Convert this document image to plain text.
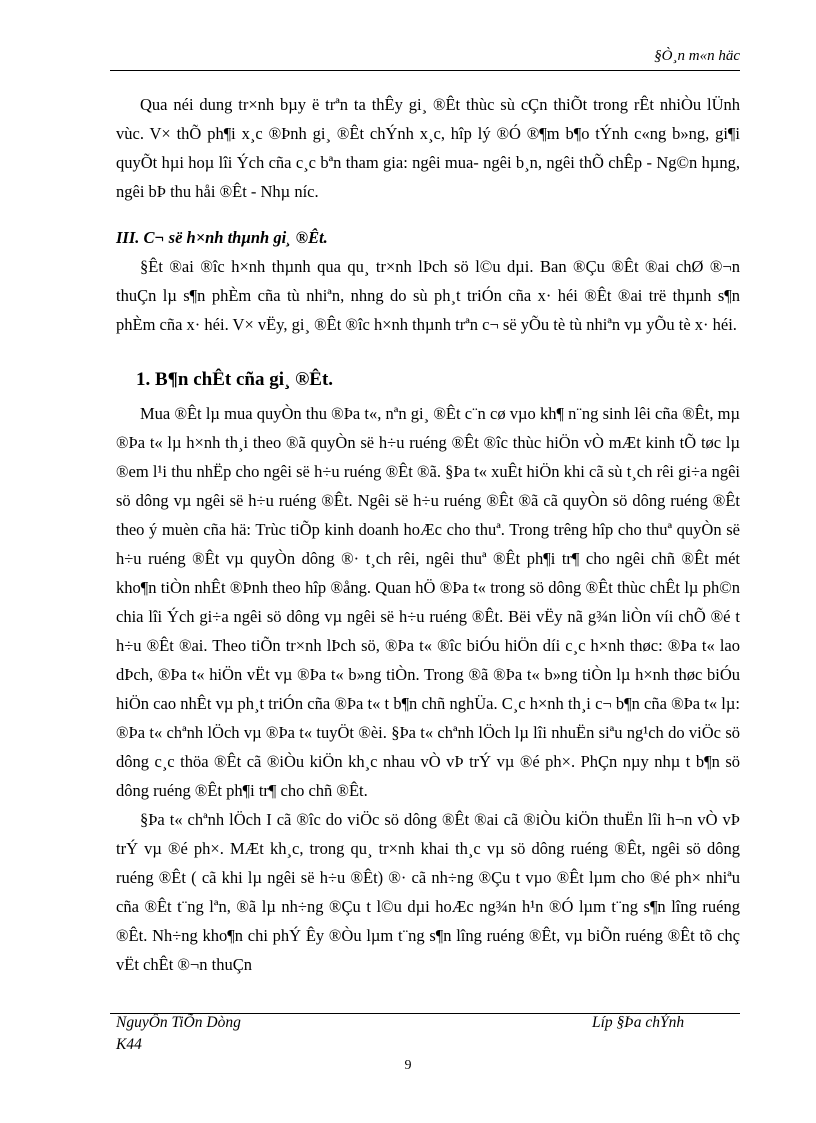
§Ò¸n m«n häc

Qua néi dung tr×nh bµy ë trªn ta thÊy gi¸ ®Êt thùc sù cÇn thiÕt trong rÊt nhiÒu lÜnh vùc. V× thÕ ph¶i x¸c ®Þnh gi¸ ®Êt chÝnh x¸c, hîp lý ®Ó ®¶m b¶o tÝnh c«ng b»ng, gi¶i quyÕt hµi hoµ lîi Ých cña c¸c bªn tham gia: ngêi mua- ngêi b¸n, ngêi thÕ chÊp - Ng©n hµng, ngêi bÞ thu håi ®Êt - Nhµ níc.

III. C¬ së h×nh thµnh gi¸ ®Êt.

§Êt ®ai ®îc h×nh thµnh qua qu¸ tr×nh lÞch sö l©u dµi. Ban ®Çu ®Êt ®ai chØ ®¬n thuÇn lµ s¶n phÈm cña tù nhiªn, nhng do sù ph¸t triÓn cña x· héi ®Êt ®ai trë thµnh s¶n phÈm cña x· héi. V× vËy, gi¸ ®Êt ®îc h×nh thµnh trªn c¬ së yÕu tè tù nhiªn vµ yÕu tè x· héi.

1. B¶n chÊt cña gi¸ ®Êt.

Mua ®Êt lµ mua quyÒn thu ®Þa t«, nªn gi¸ ®Êt c¨n cø vµo kh¶ n¨ng sinh lêi cña ®Êt, mµ ®Þa t« lµ h×nh th¸i theo ®ã quyÒn së h÷u ruéng ®Êt ®îc thùc hiÖn vÒ mÆt kinh tÕ tøc lµ ®em l¹i thu nhËp cho ngêi së h÷u ruéng ®Êt ®ã. §Þa t« xuÊt hiÖn khi cã sù t¸ch rêi gi÷a ngêi sö dông vµ ngêi së h÷u ruéng ®Êt. Ngêi së h÷u ruéng ®Êt ®ã cã quyÒn sö dông ruéng ®Êt theo ý muèn cña hä: Trùc tiÕp kinh doanh hoÆc cho thuª. Trong trêng hîp cho thuª quyÒn së h÷u ruéng ®Êt vµ quyÒn dông ®· t¸ch rêi, ngêi thuª ®Êt ph¶i tr¶ cho ngêi chñ ®Êt mét kho¶n tiÒn nhÊt ®Þnh theo hîp ®ång. Quan hÖ ®Þa t« trong sö dông ®Êt thùc chÊt lµ ph©n chia lîi Ých gi÷a ngêi sö dông vµ ngêi së h÷u ruéng ®Êt. Bëi vËy nã g¾n liÒn víi chÕ ®é t h÷u ®Êt ®ai. Theo tiÕn tr×nh lÞch sö, ®Þa t« ®îc biÓu hiÖn díi c¸c h×nh thøc: ®Þa t« lao dÞch, ®Þa t« hiÖn vËt vµ ®Þa t« b»ng tiÒn. Trong ®ã ®Þa t« b»ng tiÒn lµ h×nh thøc biÓu hiÖn cao nhÊt vµ ph¸t triÓn cña ®Þa t« t b¶n chñ nghÜa. C¸c h×nh th¸i c¬ b¶n cña ®Þa t« lµ: ®Þa t« chªnh lÖch vµ ®Þa t« tuyÖt ®èi. §Þa t« chªnh lÖch lµ lîi nhuËn siªu ng¹ch do viÖc sö dông c¸c thöa ®Êt cã ®iÒu kiÖn kh¸c nhau vÒ vÞ trÝ vµ ®é ph×. PhÇn nµy nhµ t b¶n sö dông ruéng ®Êt ph¶i tr¶ cho chñ ®Êt.

§Þa t« chªnh lÖch I cã ®îc do viÖc sö dông ®Êt ®ai cã ®iÒu kiÖn thuËn lîi h¬n vÒ vÞ trÝ vµ ®é ph×. MÆt kh¸c, trong qu¸ tr×nh khai th¸c vµ sö dông ruéng ®Êt, ngêi sö dông ruéng ®Êt ( cã khi lµ ngêi së h÷u ®Êt) ®· cã nh÷ng ®Çu t vµo ®Êt lµm cho ®é ph× nhiªu cña ®Êt t¨ng lªn, ®ã lµ nh÷ng ®Çu t l©u dµi hoÆc ng¾n h¹n ®Ó lµm t¨ng s¶n lîng ruéng ®Êt. Nh÷ng kho¶n chi phÝ Êy ®Òu lµm t¨ng s¶n lîng ruéng ®Êt, vµ biÕn ruéng ®Êt tõ chç vËt chÊt ®¬n thuÇn

NguyÔn TiÕn Dòng
K44
Líp §Þa chÝnh
9
